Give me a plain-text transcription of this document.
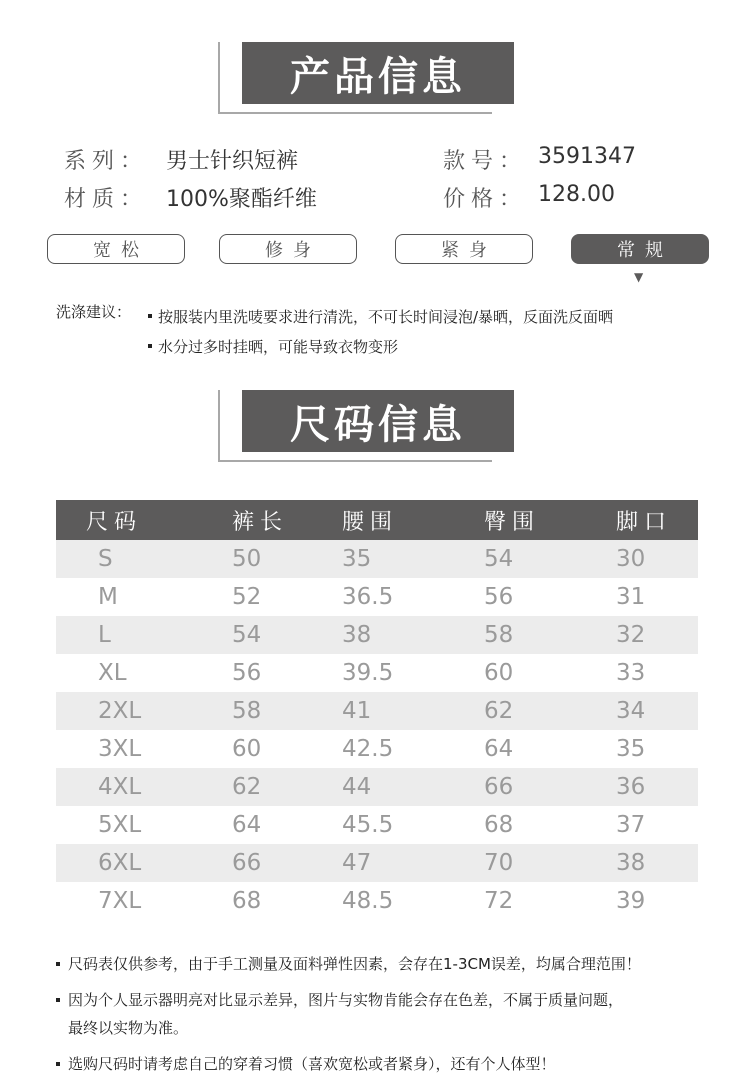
产品信息
系列： 男士针织短裤	款号： 3591347
材质： 100%聚酯纤维	价格： 128.00
宽松	修身	紧身	常规
▼
洗涤建议：	按服装内里洗唛要求进行清洗，不可长时间浸泡/暴晒，反面洗反面晒
水分过多时挂晒，可能导致衣物变形
尺码信息
尺码	裤长	腰围	臀围	脚口
S	50	35	54	30
M	52	36.5	56	31
L	54	38	58	32
XL	56	39.5	60	33
2XL	58	41	62	34
3XL	60	42.5	64	35
4XL	62	44	66	36
5XL	64	45.5	68	37
6XL	66	47	70	38
7XL	68	48.5	72	39
尺码表仅供参考，由于手工测量及面料弹性因素，会存在1-3CM误差，均属合理范围！
因为个人显示器明亮对比显示差异，图片与实物肯能会存在色差，不属于质量问题，
最终以实物为准。
选购尺码时请考虑自己的穿着习惯（喜欢宽松或者紧身），还有个人体型！
